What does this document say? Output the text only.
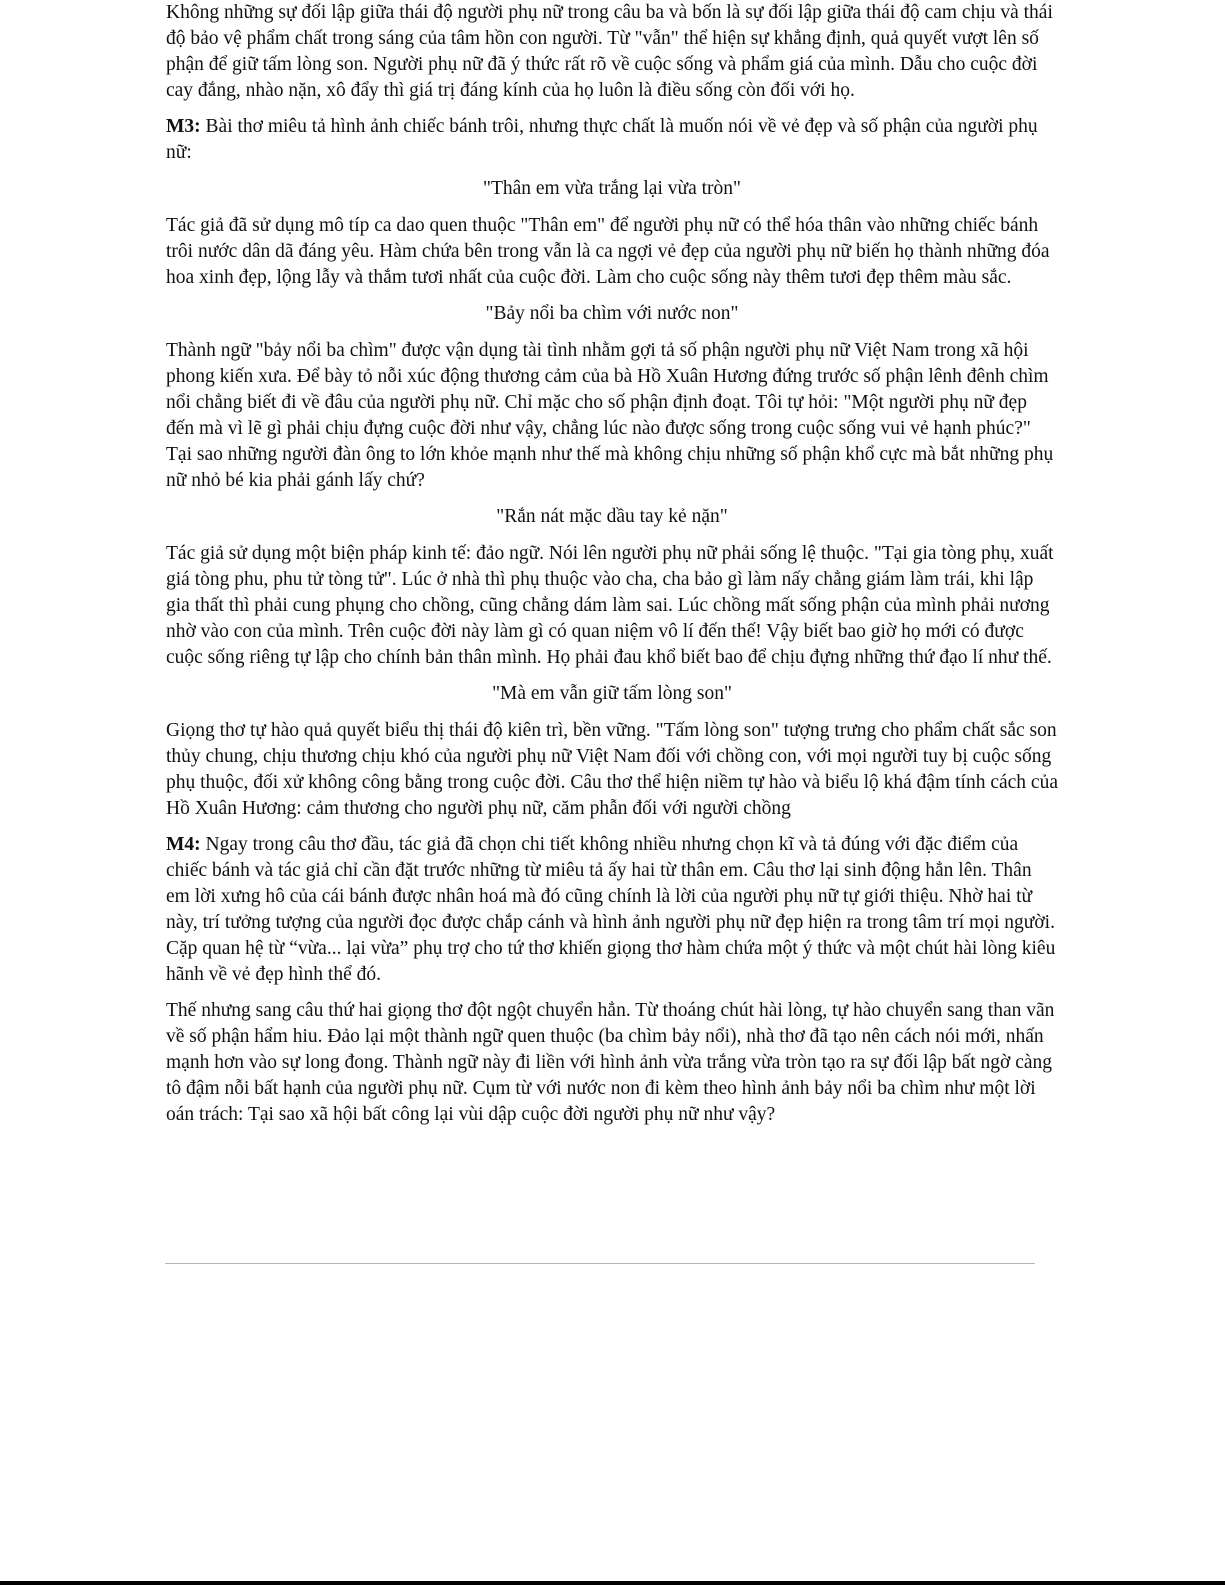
Không những sự đối lập giữa thái độ người phụ nữ trong câu ba và bốn là sự đối lập giữa thái độ cam chịu và thái độ bảo vệ phẩm chất trong sáng của tâm hồn con người. Từ "vẫn" thể hiện sự khẳng định, quả quyết vượt lên số phận để giữ tấm lòng son. Người phụ nữ đã ý thức rất rõ về cuộc sống và phẩm giá của mình. Dẫu cho cuộc đời cay đắng, nhào nặn, xô đẩy thì giá trị đáng kính của họ luôn là điều sống còn đối với họ.

M3: Bài thơ miêu tả hình ảnh chiếc bánh trôi, nhưng thực chất là muốn nói về vẻ đẹp và số phận của người phụ nữ:

"Thân em vừa trắng lại vừa tròn"

Tác giả đã sử dụng mô típ ca dao quen thuộc "Thân em" để người phụ nữ có thể hóa thân vào những chiếc bánh trôi nước dân dã đáng yêu. Hàm chứa bên trong vẫn là ca ngợi vẻ đẹp của người phụ nữ biến họ thành những đóa hoa xinh đẹp, lộng lẫy và thắm tươi nhất của cuộc đời. Làm cho cuộc sống này thêm tươi đẹp thêm màu sắc.

"Bảy nổi ba chìm với nước non"

Thành ngữ "bảy nổi ba chìm" được vận dụng tài tình nhằm gợi tả số phận người phụ nữ Việt Nam trong xã hội phong kiến xưa. Để bày tỏ nỗi xúc động thương cảm của bà Hồ Xuân Hương đứng trước số phận lênh đênh chìm nổi chẳng biết đi về đâu của người phụ nữ. Chỉ mặc cho số phận định đoạt. Tôi tự hỏi: "Một người phụ nữ đẹp đến mà vì lẽ gì phải chịu đựng cuộc đời như vậy, chẳng lúc nào được sống trong cuộc sống vui vẻ hạnh phúc?" Tại sao những người đàn ông to lớn khỏe mạnh như thế mà không chịu những số phận khổ cực mà bắt những phụ nữ nhỏ bé kia phải gánh lấy chứ?

"Rắn nát mặc dầu tay kẻ nặn"

Tác giả sử dụng một biện pháp kinh tế: đảo ngữ. Nói lên người phụ nữ phải sống lệ thuộc. "Tại gia tòng phụ, xuất giá tòng phu, phu tử tòng tử". Lúc ở nhà thì phụ thuộc vào cha, cha bảo gì làm nấy chẳng giám làm trái, khi lập gia thất thì phải cung phụng cho chồng, cũng chẳng dám làm sai. Lúc chồng mất sống phận của mình phải nương nhờ vào con của mình. Trên cuộc đời này làm gì có quan niệm vô lí đến thế! Vậy biết bao giờ họ mới có được cuộc sống riêng tự lập cho chính bản thân mình. Họ phải đau khổ biết bao để chịu đựng những thứ đạo lí như thế.

"Mà em vẫn giữ tấm lòng son"

Giọng thơ tự hào quả quyết biểu thị thái độ kiên trì, bền vững. "Tấm lòng son" tượng trưng cho phẩm chất sắc son thủy chung, chịu thương chịu khó của người phụ nữ Việt Nam đối với chồng con, với mọi người tuy bị cuộc sống phụ thuộc, đối xử không công bằng trong cuộc đời. Câu thơ thể hiện niềm tự hào và biểu lộ khá đậm tính cách của Hồ Xuân Hương: cảm thương cho người phụ nữ, căm phẫn đối với người chồng

M4: Ngay trong câu thơ đầu, tác giả đã chọn chi tiết không nhiều nhưng chọn kĩ và tả đúng với đặc điểm của chiếc bánh và tác giả chỉ cần đặt trước những từ miêu tả ấy hai từ thân em. Câu thơ lại sinh động hẳn lên. Thân em lời xưng hô của cái bánh được nhân hoá mà đó cũng chính là lời của người phụ nữ tự giới thiệu. Nhờ hai từ này, trí tưởng tượng của người đọc được chắp cánh và hình ảnh người phụ nữ đẹp hiện ra trong tâm trí mọi người. Cặp quan hệ từ “vừa... lại vừa” phụ trợ cho tứ thơ khiến giọng thơ hàm chứa một ý thức và một chút hài lòng kiêu hãnh về vẻ đẹp hình thể đó.

Thế nhưng sang câu thứ hai giọng thơ đột ngột chuyển hẳn. Từ thoáng chút hài lòng, tự hào chuyển sang than vãn về số phận hẩm hiu. Đảo lại một thành ngữ quen thuộc (ba chìm bảy nổi), nhà thơ đã tạo nên cách nói mới, nhấn mạnh hơn vào sự long đong. Thành ngữ này đi liền với hình ảnh vừa trắng vừa tròn tạo ra sự đối lập bất ngờ càng tô đậm nỗi bất hạnh của người phụ nữ. Cụm từ với nước non đi kèm theo hình ảnh bảy nổi ba chìm như một lời oán trách: Tại sao xã hội bất công lại vùi dập cuộc đời người phụ nữ như vậy?
